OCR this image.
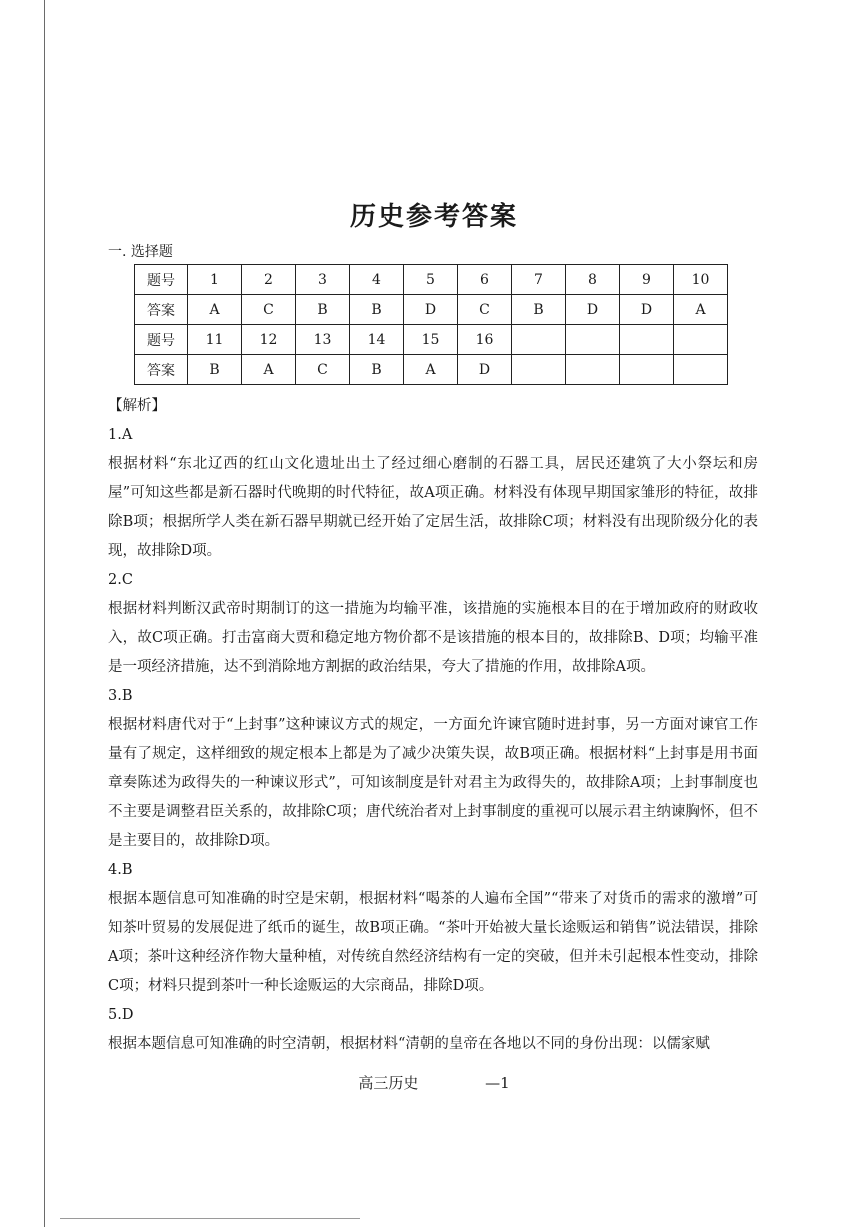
历史参考答案
一. 选择题
题号	1	2	3	4	5	6	7	8	9	10
答案	A	C	B	B	D	C	B	D	D	A
题号	11	12	13	14	15	16				
答案	B	A	C	B	A	D				

【解析】

1.A

根据材料“东北辽西的红山文化遗址出土了经过细心磨制的石器工具，居民还建筑了大小祭坛和房屋”可知这些都是新石器时代晚期的时代特征，故A项正确。材料没有体现早期国家雏形的特征，故排除B项；根据所学人类在新石器早期就已经开始了定居生活，故排除C项；材料没有出现阶级分化的表现，故排除D项。

2.C

根据材料判断汉武帝时期制订的这一措施为均输平准，该措施的实施根本目的在于增加政府的财政收入，故C项正确。打击富商大贾和稳定地方物价都不是该措施的根本目的，故排除B、D项；均输平准是一项经济措施，达不到消除地方割据的政治结果，夸大了措施的作用，故排除A项。

3.B

根据材料唐代对于“上封事”这种谏议方式的规定，一方面允许谏官随时进封事，另一方面对谏官工作量有了规定，这样细致的规定根本上都是为了减少决策失误，故B项正确。根据材料“上封事是用书面章奏陈述为政得失的一种谏议形式”，可知该制度是针对君主为政得失的，故排除A项；上封事制度也不主要是调整君臣关系的，故排除C项；唐代统治者对上封事制度的重视可以展示君主纳谏胸怀，但不是主要目的，故排除D项。

4.B

根据本题信息可知准确的时空是宋朝，根据材料“喝茶的人遍布全国”“带来了对货币的需求的激增”可知茶叶贸易的发展促进了纸币的诞生，故B项正确。“茶叶开始被大量长途贩运和销售”说法错误，排除A项；茶叶这种经济作物大量种植，对传统自然经济结构有一定的突破，但并未引起根本性变动，排除C项；材料只提到茶叶一种长途贩运的大宗商品，排除D项。

5.D

根据本题信息可知准确的时空清朝，根据材料“清朝的皇帝在各地以不同的身份出现：以儒家赋

高三历史	—1
